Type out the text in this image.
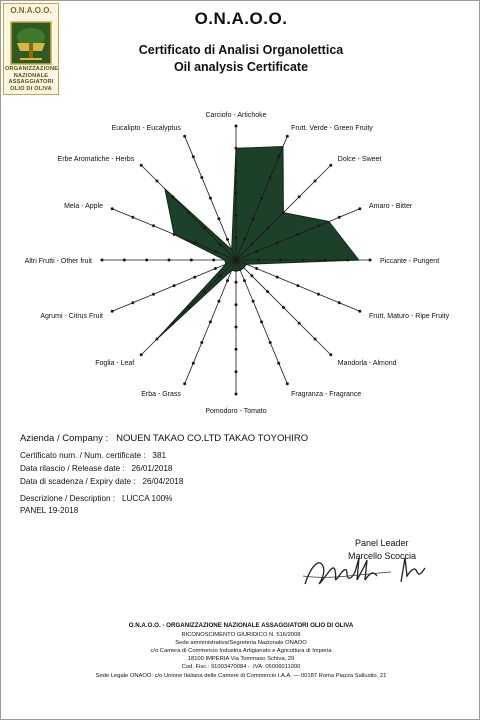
O.N.A.O.O.
ORGANIZZAZIONE
NAZIONALE
ASSAGGIATORI
OLIO DI OLIVA
O.N.A.O.O.
Certificato di Analisi Organolettica
Oil analysis Certificate
Carciofo - Artichoke
Frutt. Verde - Green Fruity
Dolce - Sweet
Amaro - Bitter
Piccante - Pungent
Frutt. Maturo - Ripe Fruity
Mandorla - Almond
Fragranza - Fragrance
Pomodoro - Tomato
Erba - Grass
Foglia - Leaf
Agrumi - Citrus Fruit
Altri Frutti - Other fruit
Mela - Apple
Erbe Aromatiche - Herbs
Eucalipto - Eucalyptus
Azienda / Company : NOUEN TAKAO CO.LTD TAKAO TOYOHIRO
Certificato num. / Num. certificate : 381
Data rilascio / Release date : 26/01/2018
Data di scadenza / Expiry date : 26/04/2018
Descrizione / Description : LUCCA 100%
PANEL 19-2018
Panel Leader
Marcello Scoccia
O.N.A.O.O. - ORGANIZZAZIONE NAZIONALE ASSAGGIATORI OLIO DI OLIVA
RICONOSCIMENTO GIURIDICO N. 516/2008
Sede amministrativa/Segreteria Nazionale ONAOO
c/o Camera di Commercio Industria Artigianato e Agricoltura di Imperia
18100 IMPERIA Via Tommaso Schiva, 29
Cod. Fisc.: 91003470084 - .IVA: 05006011000
Sede Legale ONAOO: c/o Unione Italiana delle Camere di Commercio I.A.A. — 00187 Roma Piazza Sallustio, 21
